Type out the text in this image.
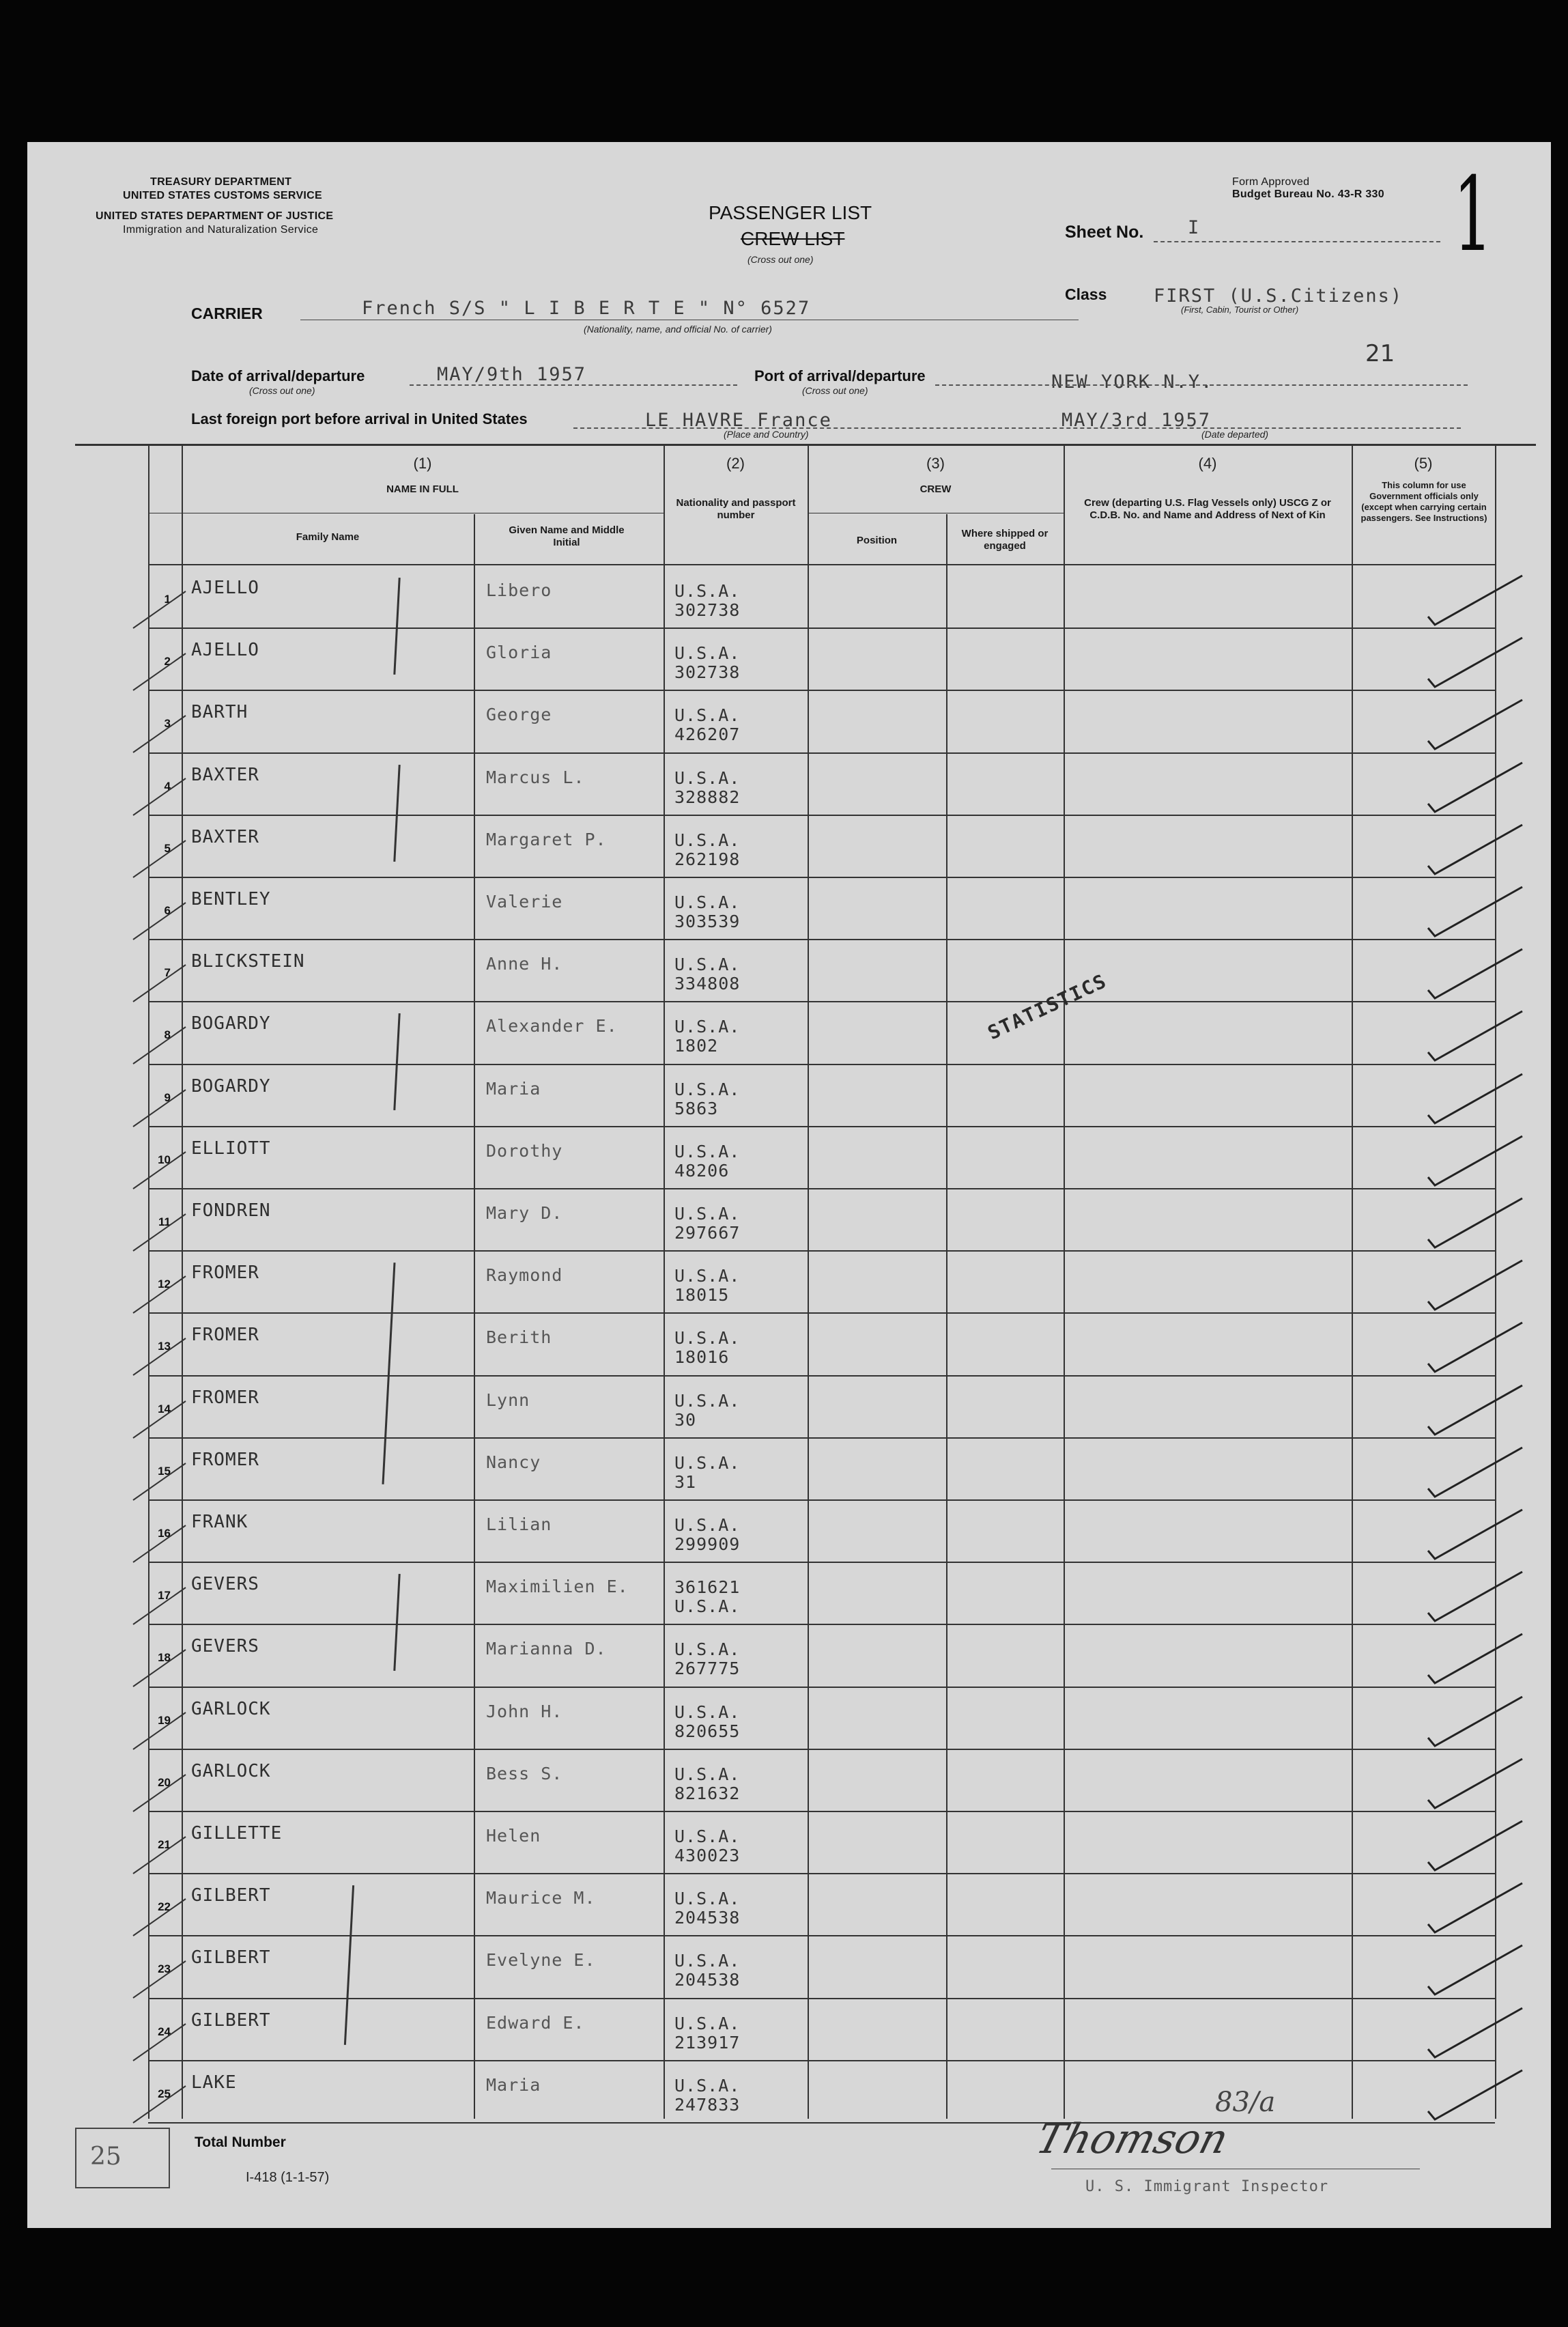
TREASURY DEPARTMENT
UNITED STATES CUSTOMS SERVICE
UNITED STATES DEPARTMENT OF JUSTICE
Immigration and Naturalization Service
PASSENGER LIST
CREW LIST
(Cross out one)
Form Approved
Budget Bureau No. 43-R 330
Sheet No. I 1
CARRIER	French S/S " L I B E R T E " N° 6527
(Nationality, name, and official No. of carrier)
Class	FIRST (U.S.Citizens)
(First, Cabin, Tourist or Other)
21
Date of arrival/departure
(Cross out one)
MAY/9th 1957	Port of arrival/departure
(Cross out one)	NEW YORK N.Y.
Last foreign port before arrival in United States	LE HAVRE France
(Place and Country)
MAY/3rd 1957
(Date departed)
(1)
NAME IN FULL
Family Name
Given Name and Middle Initial
(2)
Nationality and passport number
(3)
CREW
Position
Where shipped or engaged
(4)
Crew (departing U.S. Flag Vessels only) USCG Z or C.D.B. No. and Name and Address of Next of Kin
(5)
This column for use Government officials only (except when carrying certain passengers. See Instructions)
1
AJELLO	Libero	U.S.A.
302738
2
AJELLO	Gloria	U.S.A.
302738
3
BARTH	George	U.S.A.
426207
4
BAXTER	Marcus L.	U.S.A.
328882
5
BAXTER	Margaret P.	U.S.A.
262198
6
BENTLEY	Valerie	U.S.A.
303539
7
BLICKSTEIN	Anne H.	U.S.A.
334808
8
BOGARDY	Alexander E.	U.S.A.
1802
9
BOGARDY	Maria	U.S.A.
5863
10
ELLIOTT	Dorothy	U.S.A.
48206
11
FONDREN	Mary D.	U.S.A.
297667
12
FROMER	Raymond	U.S.A.
18015
13
FROMER	Berith	U.S.A.
18016
14
FROMER	Lynn	U.S.A.
30
15
FROMER	Nancy	U.S.A.
31
16
FRANK	Lilian	U.S.A.
299909
17
GEVERS	Maximilien E.	361621
U.S.A.
18
GEVERS	Marianna D.	U.S.A.
267775
19
GARLOCK	John H.	U.S.A.
820655
20
GARLOCK	Bess S.	U.S.A.
821632
21
GILLETTE	Helen	U.S.A.
430023
22
GILBERT	Maurice M.	U.S.A.
204538
23
GILBERT	Evelyne E.	U.S.A.
204538
24
GILBERT	Edward E.	U.S.A.
213917
25
LAKE	Maria	U.S.A.
247833
STATISTICS
25
Total Number
I-418 (1-1-57)
Thomson
83/a
U. S. Immigrant Inspector
